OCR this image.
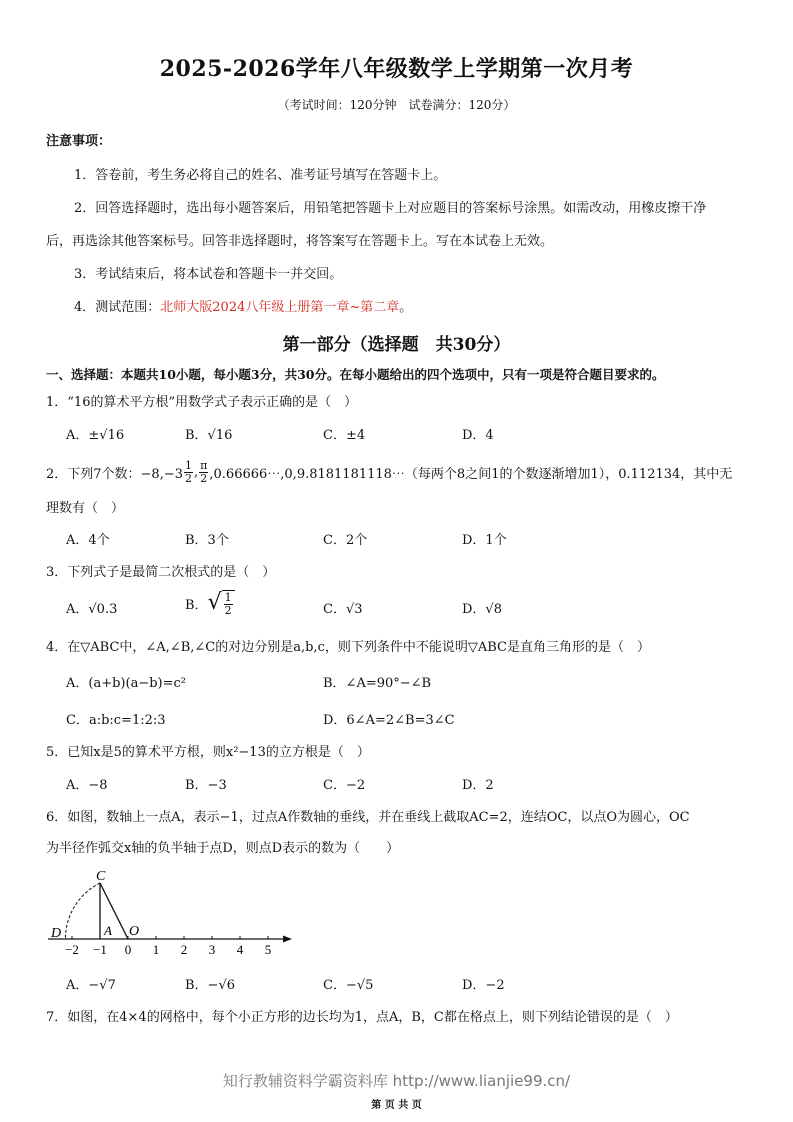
2025-2026学年八年级数学上学期第一次月考
（考试时间：120分钟　试卷满分：120分）
注意事项：
1．答卷前，考生务必将自己的姓名、准考证号填写在答题卡上。
2．回答选择题时，选出每小题答案后，用铅笔把答题卡上对应题目的答案标号涂黑。如需改动，用橡皮擦干净
后，再选涂其他答案标号。回答非选择题时，将答案写在答题卡上。写在本试卷上无效。
3．考试结束后，将本试卷和答题卡一并交回。
4．测试范围：北师大版2024八年级上册第一章~第二章。
第一部分（选择题　共30分）
一、选择题：本题共10小题，每小题3分，共30分。在每小题给出的四个选项中，只有一项是符合题目要求的。
1．“16的算术平方根”用数学式子表示正确的是（　）
A．±√16	B．√16	C．±4	D．4
2．下列7个数：−8,−3
1
2 , π
2 ,0.66666⋯,0,9.8181181118⋯（每两个8之间1的个数逐渐增加1），0.112134，其中无
理数有（　）
A．4个	B．3个	C．2个	D．1个
3．下列式子是最简二次根式的是（　）
A．√0.3	B． √ 1
2	C．√3	D．√8
4．在▽ABC中，∠A,∠B,∠C的对边分别是a,b,c，则下列条件中不能说明▽ABC是直角三角形的是（　）
A．(a+b)(a−b)=c²	B．∠A=90°−∠B
C．a:b:c=1:2:3	D．6∠A=2∠B=3∠C
5．已知x是5的算术平方根，则x²−13的立方根是（　）
A．−8	B．−3	C．−2	D．2
6．如图，数轴上一点A，表示−1，过点A作数轴的垂线，并在垂线上截取AC=2，连结OC，以点O为圆心，OC
为半径作弧交x轴的负半轴于点D，则点D表示的数为（　　）
C
D	A O
−2 −1 0 1 2 3 4 5
A．−√7	B．−√6	C．−√5	D．−2
7．如图，在4×4的网格中，每个小正方形的边长均为1，点A，B，C都在格点上，则下列结论错误的是（　）
知行教辅资料学霸资料库 http://www.lianjie99.cn/
第 页 共 页
